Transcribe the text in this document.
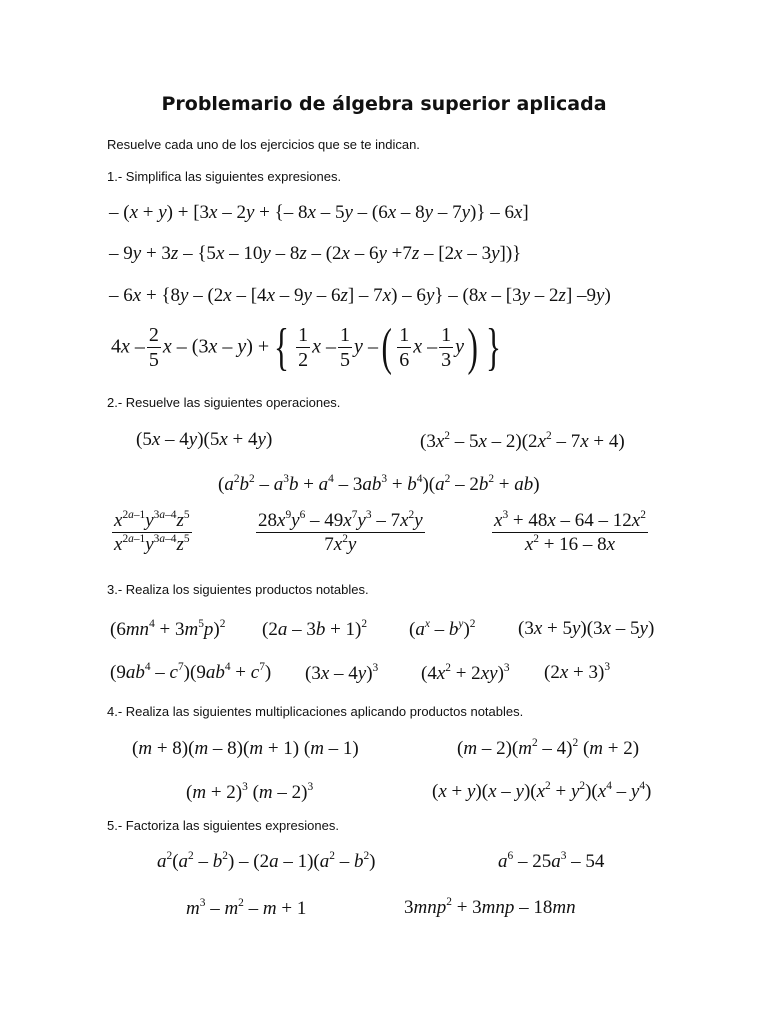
Problemario de álgebra superior aplicada
Resuelve cada uno de los ejercicios que se te indican.
1.- Simplifica las siguientes expresiones.
– (x + y) + [3x – 2y + {– 8x – 5y – (6x – 8y – 7y)} – 6x]
– 9y + 3z – {5x – 10y – 8z – (2x – 6y +7z – [2x – 3y])}
– 6x + {8y – (2x – [4x – 9y – 6z] – 7x) – 6y} – (8x – [3y – 2z] –9y)
$4x - \frac{2}{5}$ x – (3x – y) +{ $\frac{1}{2}$ x – $\frac{1}{5}$ y –( $\frac{1}{6}$ x – $\frac{1}{3} y$) }
2.- Resuelve las siguientes operaciones.
(5x – 4y)(5x + 4y)	$(3x^2 - 5x - 2)(2x^2 - 7x + 4)$
$(a^2b^2 - a^3b + a^4 - 3ab^3 + b^4)(a^2 - 2b^2 + ab)$
$\frac{x^{2a-1}y^{3a-4}z^5}{x^{2a-1}y^{3a-4}z^5}$	$\frac{28x^9y^6 - 49x^7y^3 - 7x^2y}{7x^2y}$	$\frac{x^3 + 48x - 64 - 12x^2}{x^2 + 16 - 8x}$
3.- Realiza los siguientes productos notables.
$(6mn^4 + 3m^5p)^2$ $(2a - 3b + 1)^2$ $(a^x - b^y)^2$ (3x + 5y)(3x – 5y)
$(9ab^4 - c^7)(9ab^4 + c^7)$ (3x – 4y)$^3$ $(4x^2 + 2xy)^3$ $(2x + 3)^3$
4.- Realiza las siguientes multiplicaciones aplicando productos notables.
(m + 8)(m – 8)(m + 1) (m – 1)	$(m - 2)(m^2 - 4)^2$ (m + 2)
$(m + 2)^3$ (m – 2)$^3$	$(x + y)(x - y)(x^2 + y^2)(x^4 - y^4)$
5.- Factoriza las siguientes expresiones.
$a^2(a^2 - b^2) - (2a - 1)(a^2 - b^2)$	$a^6 - 25a^3 - 54$
$m^3 - m^2 - m + 1$	3mnp$^2$ + 3mnp – 18mn
